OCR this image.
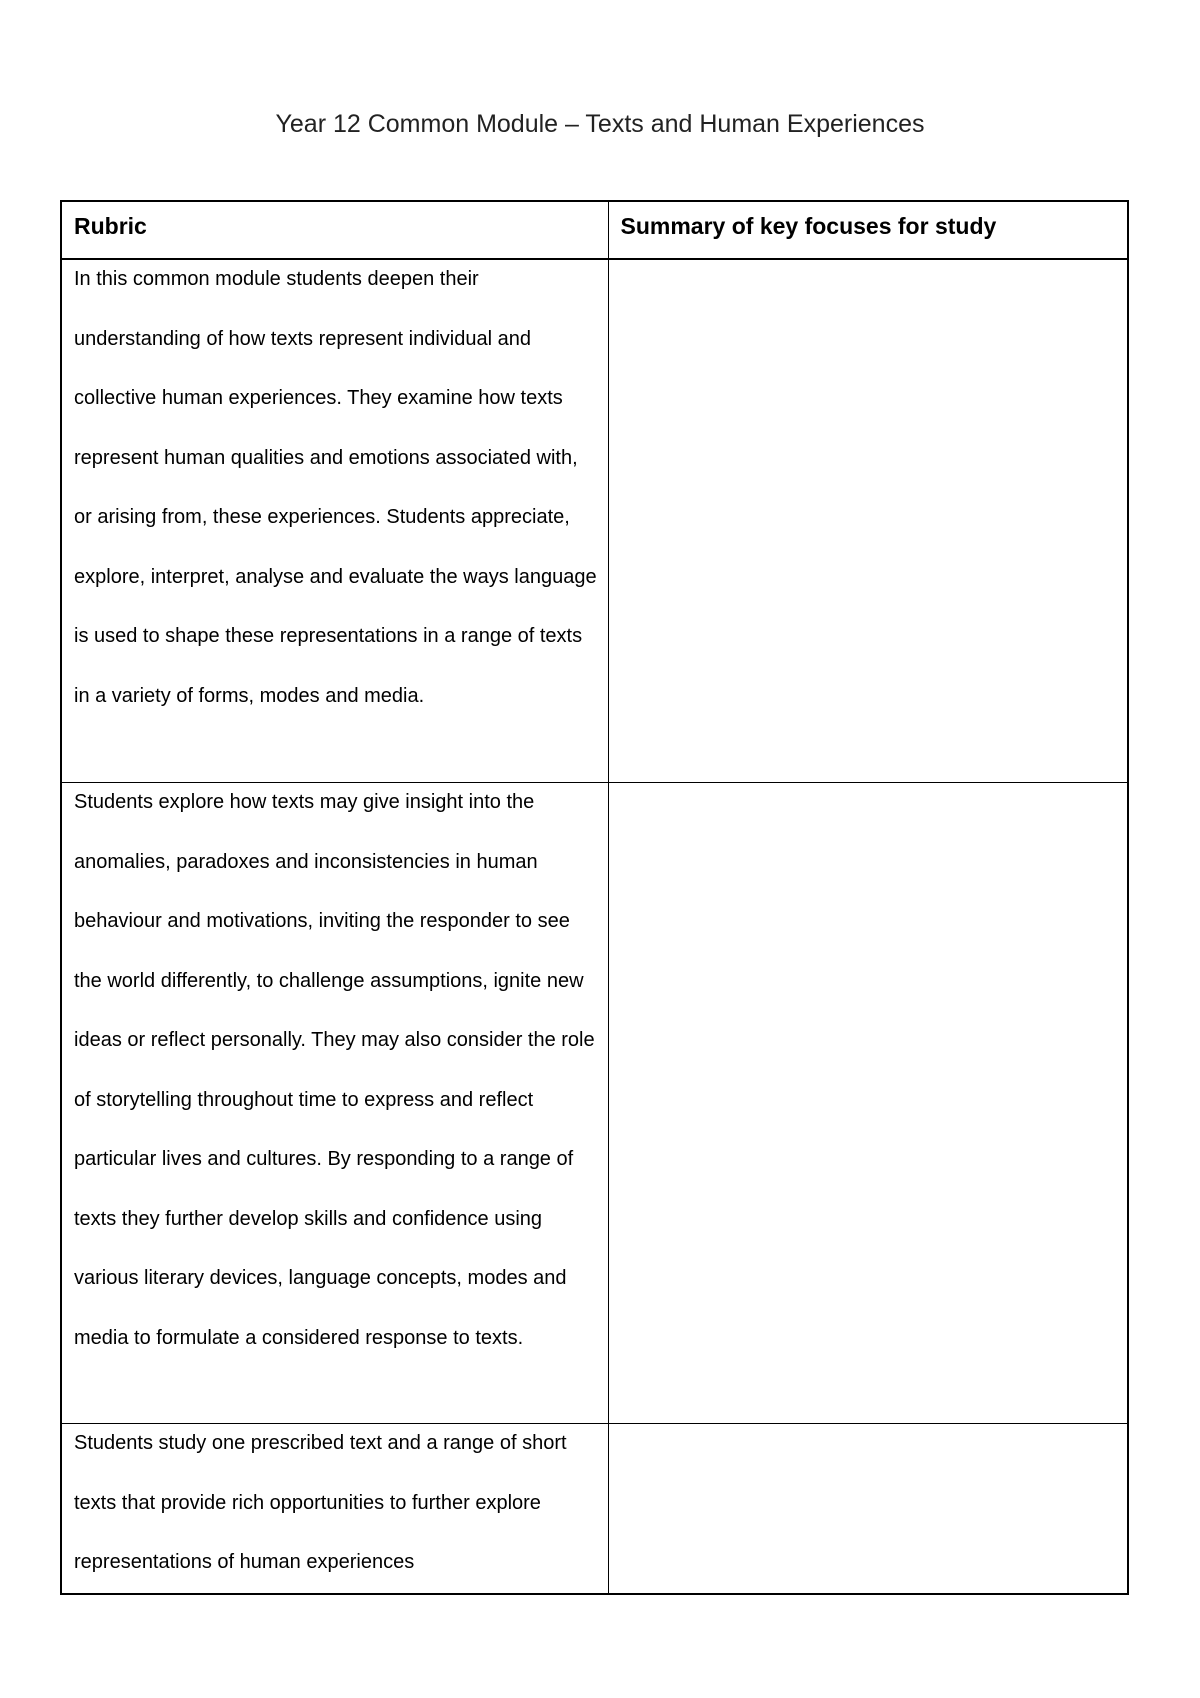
Year 12 Common Module – Texts and Human Experiences
Rubric	Summary of key focuses for study

In this common module students deepen their understanding of how texts represent individual and collective human experiences. They examine how texts represent human qualities and emotions associated with, or arising from, these experiences. Students appreciate, explore, interpret, analyse and evaluate the ways language is used to shape these representations in a range of texts in a variety of forms, modes and media.	

Students explore how texts may give insight into the anomalies, paradoxes and inconsistencies in human behaviour and motivations, inviting the responder to see the world differently, to challenge assumptions, ignite new ideas or reflect personally. They may also consider the role of storytelling throughout time to express and reflect particular lives and cultures. By responding to a range of texts they further develop skills and confidence using various literary devices, language concepts, modes and media to formulate a considered response to texts.	

Students study one prescribed text and a range of short texts that provide rich opportunities to further explore representations of human experiences	
